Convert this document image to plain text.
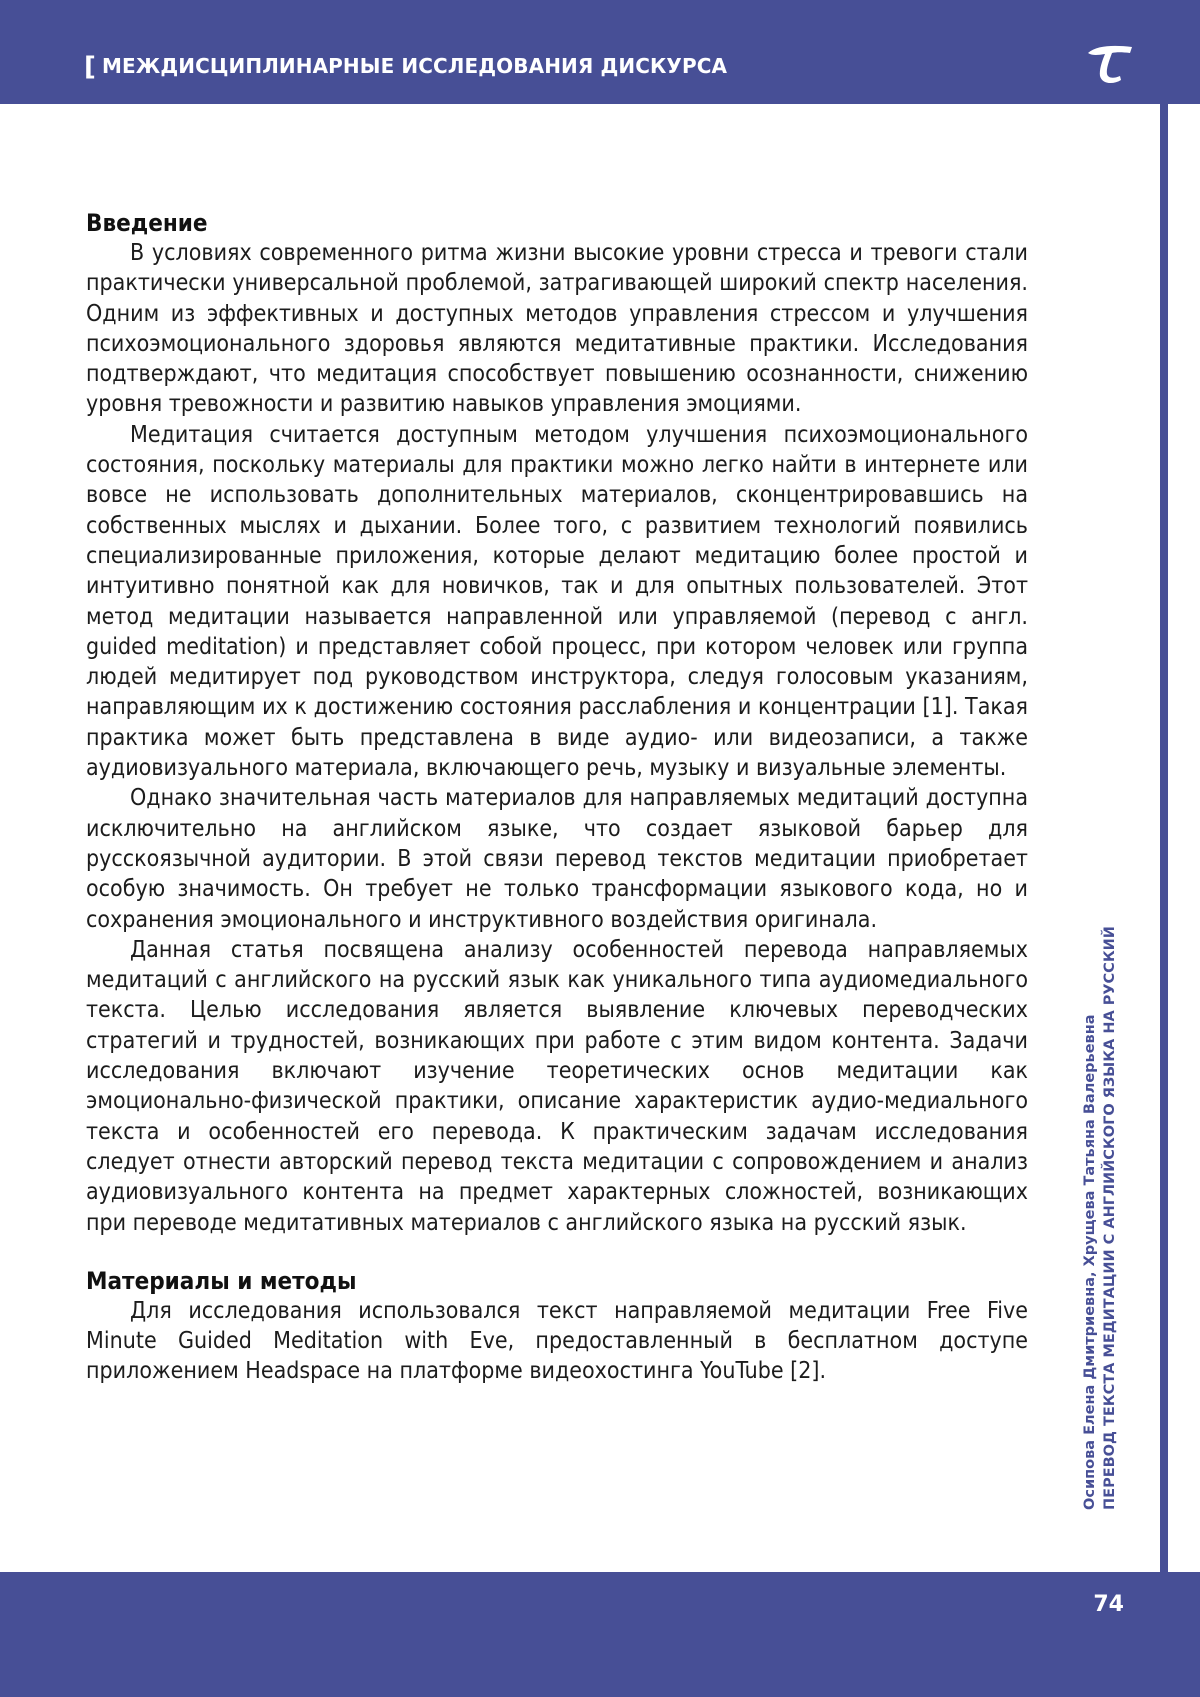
[ МЕЖДИСЦИПЛИНАРНЫЕ ИССЛЕДОВАНИЯ ДИСКУРСА
Осипова Елена Дмитриевна, Хрущева Татьяна Валерьевна ПЕРЕВОД ТЕКСТА МЕДИТАЦИИ С АНГЛИЙСКОГО ЯЗЫКА НА РУССКИЙ
Введение

В условиях современного ритма жизни высокие уровни стресса и тревоги стали практически универсальной проблемой, затрагивающей широкий спектр населения. Одним из эффективных и доступных методов управления стрессом и улучшения психоэмоционального здоровья являются медитативные практики. Исследования подтверждают, что медитация способствует повышению осознанности, снижению уровня тревожности и развитию навыков управления эмоциями.

Медитация считается доступным методом улучшения психо­эмоционального состояния, поскольку материалы для практики можно легко найти в интернете или вовсе не использовать дополнительных материалов, сконцентрировавшись на собственных мыслях и дыхании. Более того, с развитием технологий появились специализированные приложения, которые делают медитацию более простой и интуитивно понятной как для новичков, так и для опытных пользователей. Этот метод медитации называется направленной или управляемой (перевод с англ. guided meditation) и представляет собой процесс, при котором человек или группа людей медитирует под руководством инструктора, следуя голосовым указаниям, направляющим их к достижению состояния расслабления и концентрации [1]. Такая практика может быть представлена в виде аудио- или видеозаписи, а также аудиовизуального материала, включающего речь, музыку и визуальные элементы.

Однако значительная часть материалов для направляемых медитаций доступна исключительно на английском языке, что создает языковой барьер для русскоязычной аудитории. В этой связи перевод текстов медитации приобретает особую значимость. Он требует не только трансформации языкового кода, но и сохранения эмоционального и инструктивного воздействия оригинала.

Данная статья посвящена анализу особенностей перевода направляемых медитаций с английского на русский язык как уникального типа аудио­медиального текста. Целью исследования является выявление ключевых переводческих стратегий и трудностей, возникающих при работе с этим видом контента. Задачи исследования включают изучение теоретических основ медитации как эмоционально-физической практики, описание характеристик аудио-медиального текста и особенностей его перевода. К практическим задачам исследования следует отнести авторский перевод текста медитации с сопровождением и анализ аудиовизуального контента на предмет характерных сложностей, возникающих при переводе медитативных материалов с английского языка на русский язык.

Материалы и методы

Для исследования использовался текст направляемой медитации Free Five Minute Guided Meditation with Eve, предоставленный в бесплатном доступе приложением Headspace на платформе видеохостинга YouTube [2].

74
